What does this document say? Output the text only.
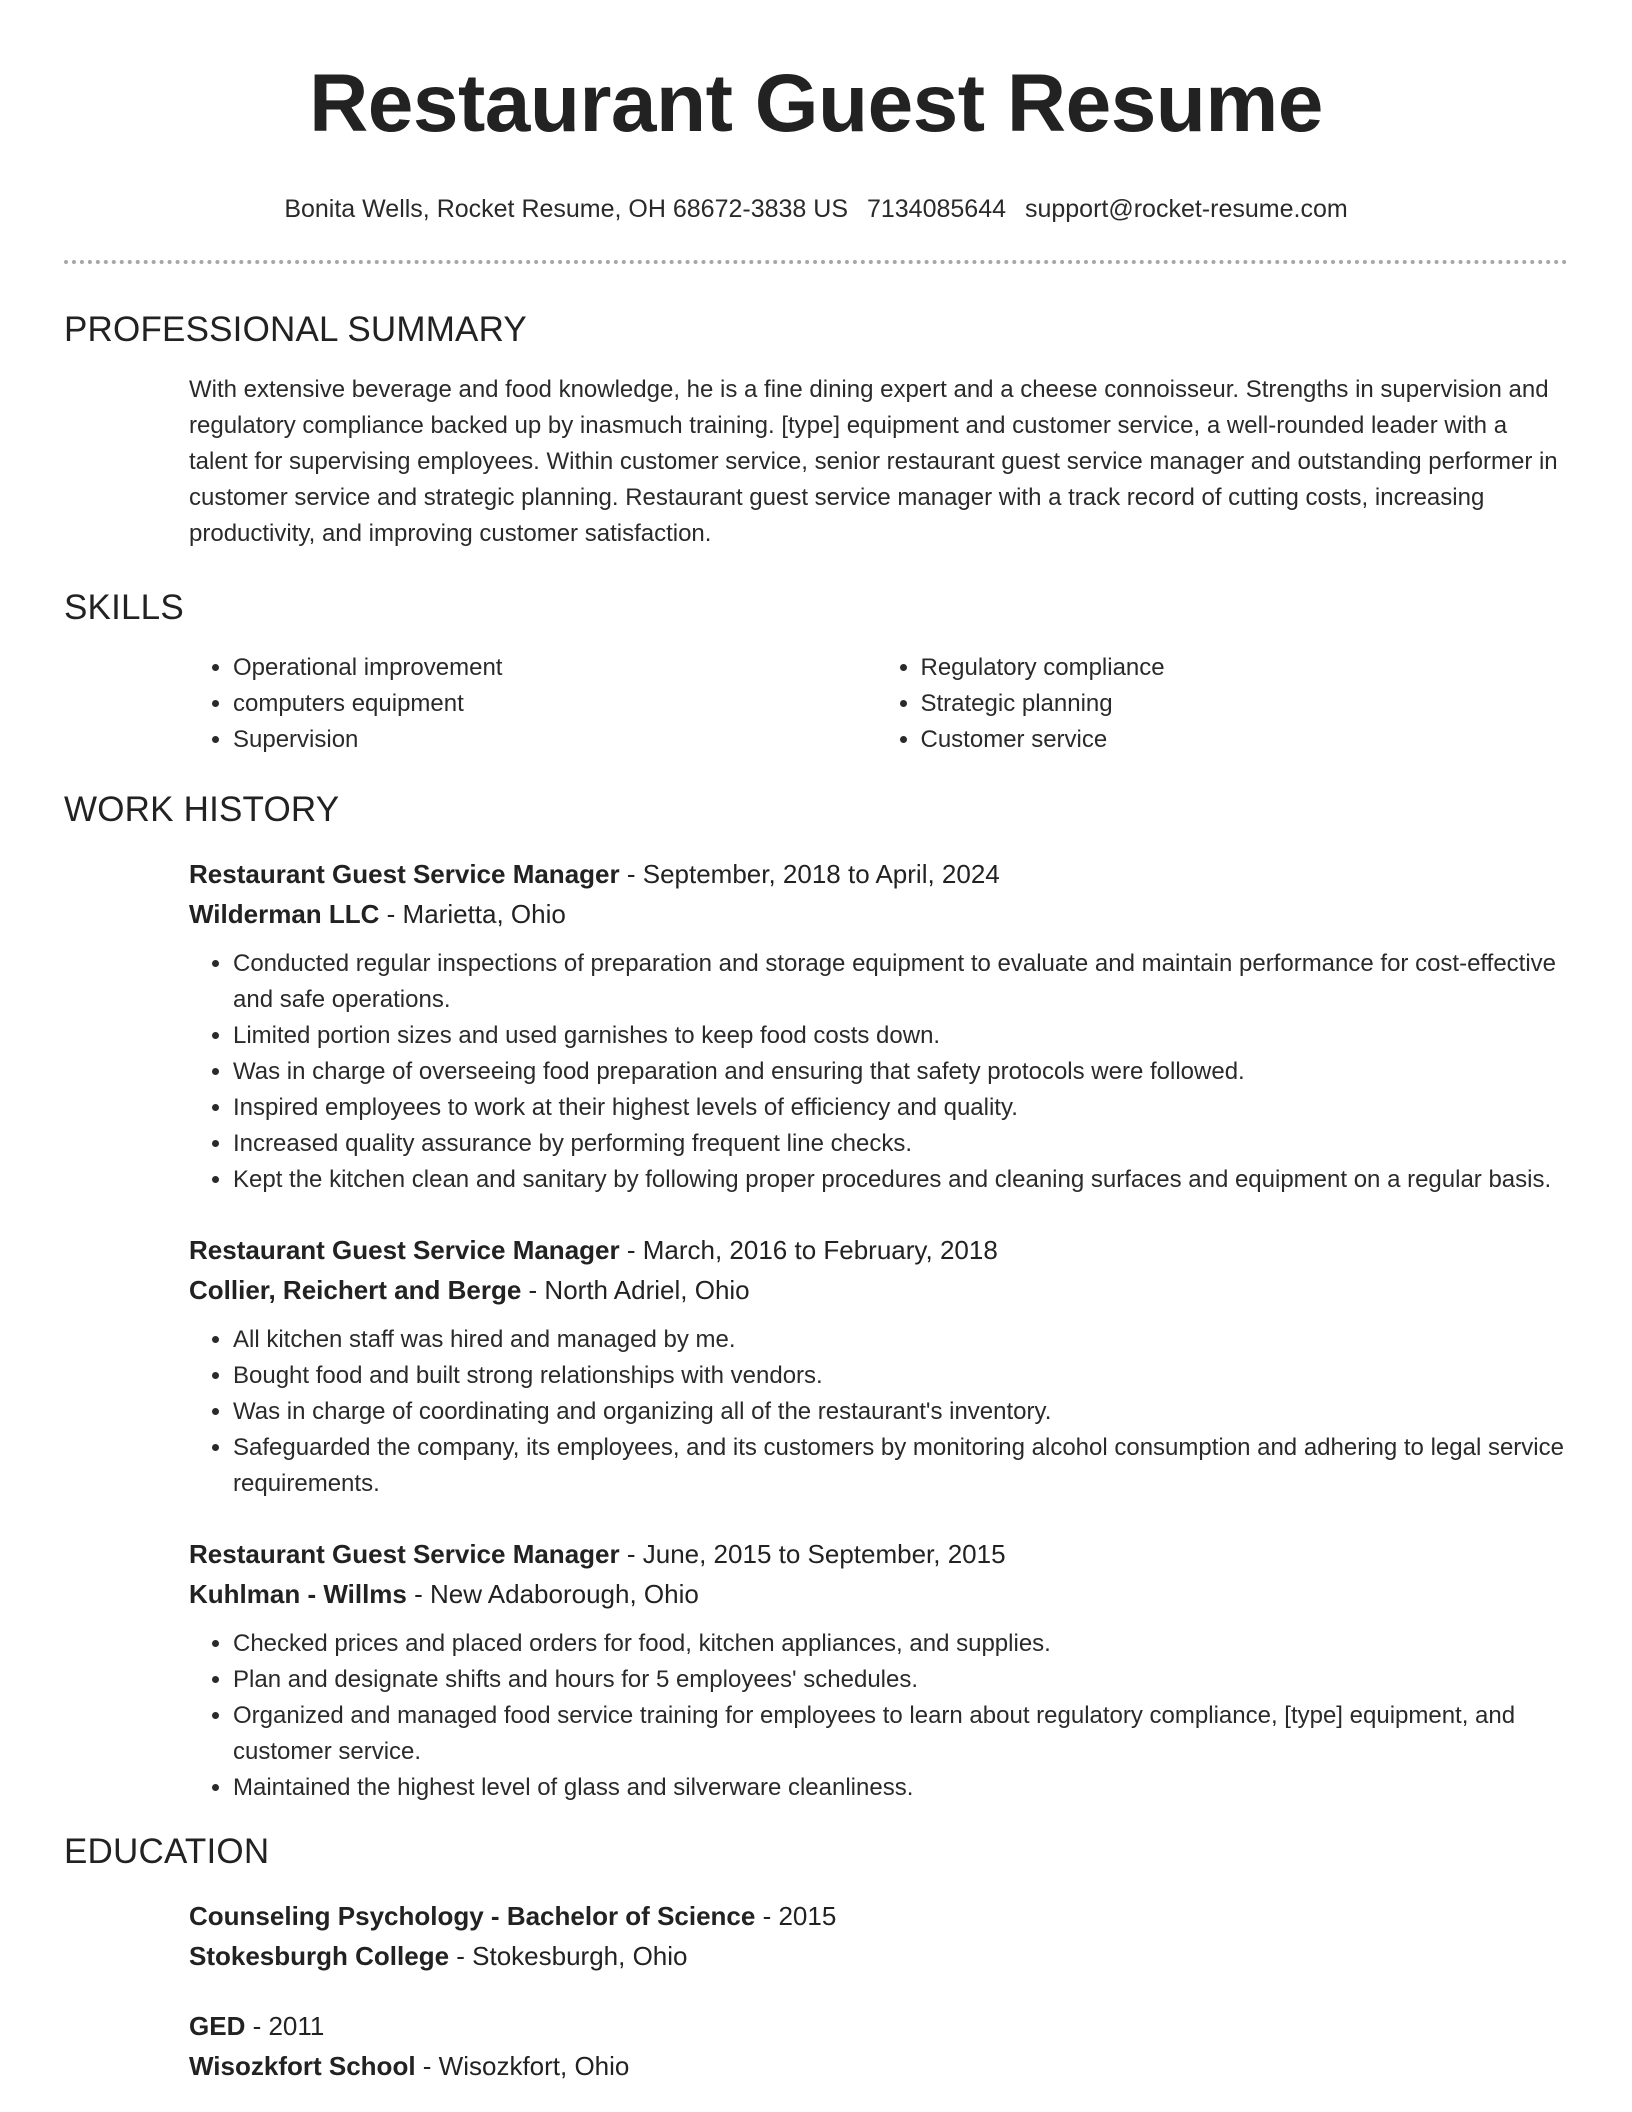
Restaurant Guest Resume
Bonita Wells, Rocket Resume, OH 68672-3838 US 7134085644 support@rocket-resume.com
PROFESSIONAL SUMMARY
With extensive beverage and food knowledge, he is a fine dining expert and a cheese connoisseur. Strengths in supervision and regulatory compliance backed up by inasmuch training. [type] equipment and customer service, a well-rounded leader with a talent for supervising employees. Within customer service, senior restaurant guest service manager and outstanding performer in customer service and strategic planning. Restaurant guest service manager with a track record of cutting costs, increasing productivity, and improving customer satisfaction.
SKILLS
• Operational improvement
• computers equipment
• Supervision
• Regulatory compliance
• Strategic planning
• Customer service
WORK HISTORY
Restaurant Guest Service Manager - September, 2018 to April, 2024
Wilderman LLC - Marietta, Ohio
• Conducted regular inspections of preparation and storage equipment to evaluate and maintain performance for cost-effective and safe operations.
• Limited portion sizes and used garnishes to keep food costs down.
• Was in charge of overseeing food preparation and ensuring that safety protocols were followed.
• Inspired employees to work at their highest levels of efficiency and quality.
• Increased quality assurance by performing frequent line checks.
• Kept the kitchen clean and sanitary by following proper procedures and cleaning surfaces and equipment on a regular basis.
Restaurant Guest Service Manager - March, 2016 to February, 2018
Collier, Reichert and Berge - North Adriel, Ohio
• All kitchen staff was hired and managed by me.
• Bought food and built strong relationships with vendors.
• Was in charge of coordinating and organizing all of the restaurant's inventory.
• Safeguarded the company, its employees, and its customers by monitoring alcohol consumption and adhering to legal service requirements.
Restaurant Guest Service Manager - June, 2015 to September, 2015
Kuhlman - Willms - New Adaborough, Ohio
• Checked prices and placed orders for food, kitchen appliances, and supplies.
• Plan and designate shifts and hours for 5 employees' schedules.
• Organized and managed food service training for employees to learn about regulatory compliance, [type] equipment, and customer service.
• Maintained the highest level of glass and silverware cleanliness.
EDUCATION
Counseling Psychology - Bachelor of Science - 2015
Stokesburgh College - Stokesburgh, Ohio
GED - 2011
Wisozkfort School - Wisozkfort, Ohio
